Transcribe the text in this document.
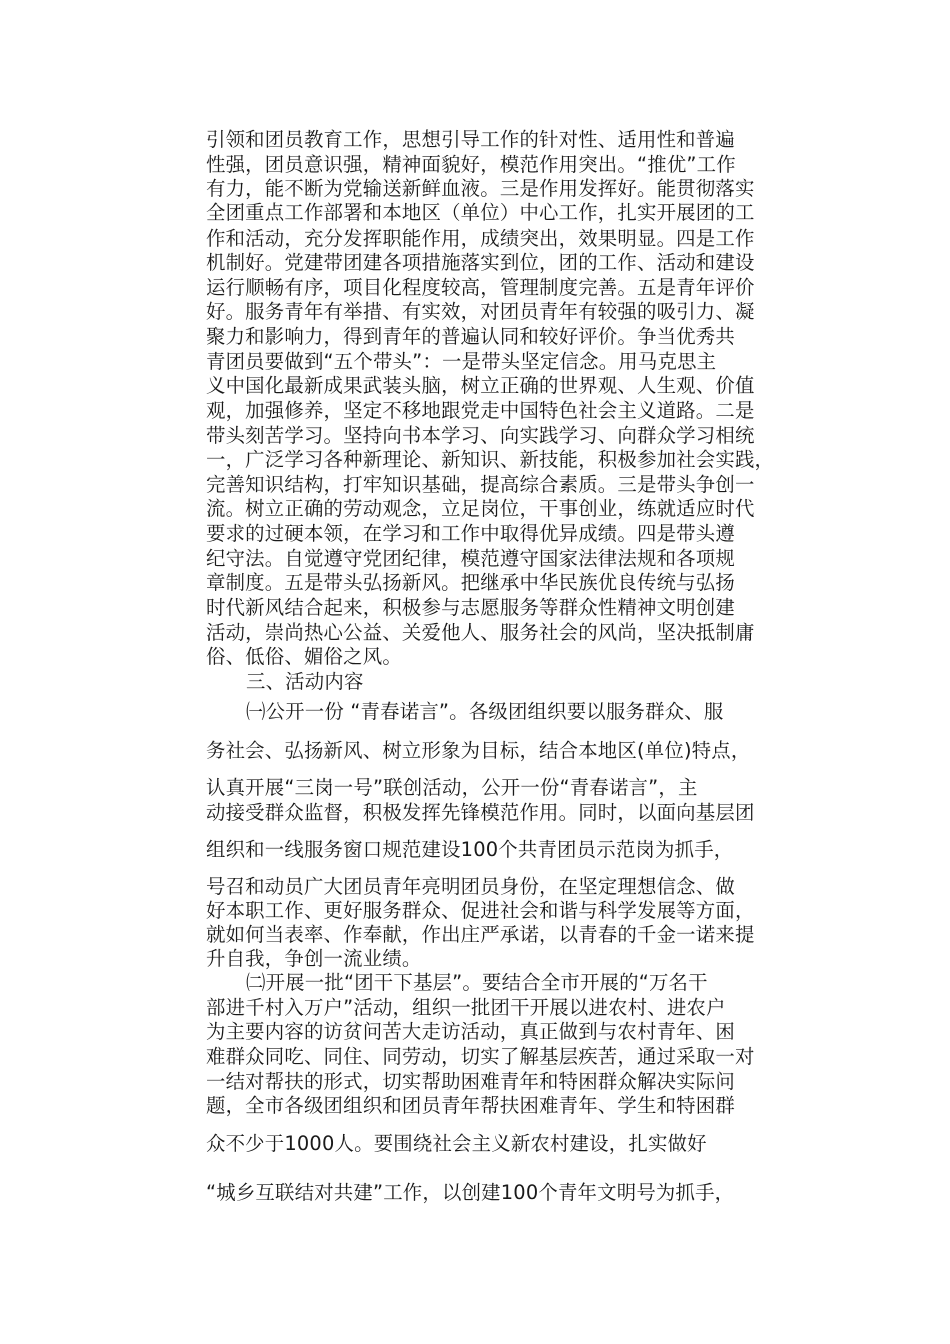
引领和团员教育工作，思想引导工作的针对性、适用性和普遍
性强，团员意识强，精神面貌好，模范作用突出。“推优”工作
有力，能不断为党输送新鲜血液。三是作用发挥好。能贯彻落实
全团重点工作部署和本地区（单位）中心工作，扎实开展团的工
作和活动，充分发挥职能作用，成绩突出，效果明显。四是工作
机制好。党建带团建各项措施落实到位，团的工作、活动和建设
运行顺畅有序，项目化程度较高，管理制度完善。五是青年评价
好。服务青年有举措、有实效，对团员青年有较强的吸引力、凝
聚力和影响力，得到青年的普遍认同和较好评价。争当优秀共
青团员要做到“五个带头”：一是带头坚定信念。用马克思主
义中国化最新成果武装头脑，树立正确的世界观、人生观、价值
观，加强修养，坚定不移地跟党走中国特色社会主义道路。二是
带头刻苦学习。坚持向书本学习、向实践学习、向群众学习相统
一，广泛学习各种新理论、新知识、新技能，积极参加社会实践，
完善知识结构，打牢知识基础，提高综合素质。三是带头争创一
流。树立正确的劳动观念，立足岗位，干事创业，练就适应时代
要求的过硬本领，在学习和工作中取得优异成绩。四是带头遵
纪守法。自觉遵守党团纪律，模范遵守国家法律法规和各项规
章制度。五是带头弘扬新风。把继承中华民族优良传统与弘扬
时代新风结合起来，积极参与志愿服务等群众性精神文明创建
活动，崇尚热心公益、关爱他人、服务社会的风尚，坚决抵制庸
俗、低俗、媚俗之风。
三、活动内容
㈠公开一份 “青春诺言”。各级团组织要以服务群众、服
务社会、弘扬新风、树立形象为目标，结合本地区(单位)特点，
认真开展“三岗一号”联创活动，公开一份“青春诺言”，主
动接受群众监督，积极发挥先锋模范作用。同时，以面向基层团
组织和一线服务窗口规范建设100个共青团员示范岗为抓手，
号召和动员广大团员青年亮明团员身份，在坚定理想信念、做
好本职工作、更好服务群众、促进社会和谐与科学发展等方面，
就如何当表率、作奉献，作出庄严承诺，以青春的千金一诺来提
升自我，争创一流业绩。
㈡开展一批“团干下基层”。要结合全市开展的“万名干
部进千村入万户”活动，组织一批团干开展以进农村、进农户
为主要内容的访贫问苦大走访活动，真正做到与农村青年、困
难群众同吃、同住、同劳动，切实了解基层疾苦，通过采取一对
一结对帮扶的形式，切实帮助困难青年和特困群众解决实际问
题，全市各级团组织和团员青年帮扶困难青年、学生和特困群
众不少于1000人。要围绕社会主义新农村建设，扎实做好
“城乡互联结对共建”工作，以创建100个青年文明号为抓手，
